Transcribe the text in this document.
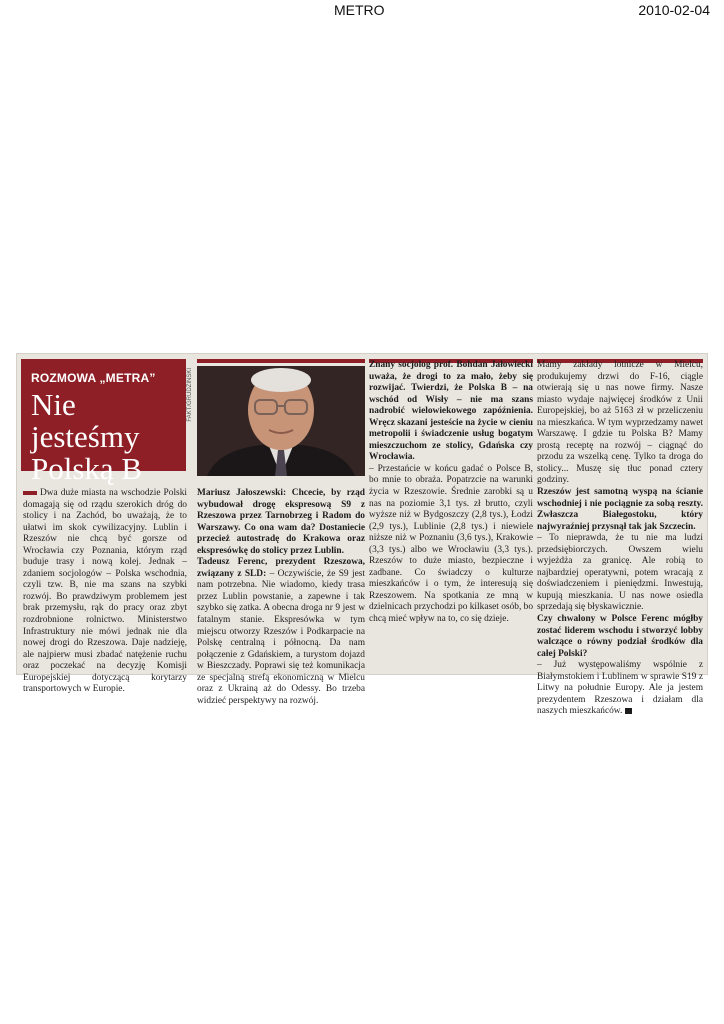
METRO	2010-02-04
ROZMOWA „METRA”
Nie jesteśmy
Polską B
FAKT/GRUDZIŃSKI

Dwa duże miasta na wschodzie Polski domagają się od rządu szerokich dróg do stolicy i na Zachód, bo uważają, że to ułatwi im skok cywilizacyjny. Lublin i Rzeszów nie chcą być gorsze od Wrocławia czy Poznania, którym rząd buduje trasy i nową kolej. Jednak – zdaniem socjologów – Polska wschodnia, czyli tzw. B, nie ma szans na szybki rozwój. Bo prawdziwym problemem jest brak przemysłu, rąk do pracy oraz zbyt rozdrobnione rolnictwo. Ministerstwo Infrastruktury nie mówi jednak nie dla nowej drogi do Rzeszowa. Daje nadzieję, ale najpierw musi zbadać natężenie ruchu oraz poczekać na decyzję Komisji Europejskiej dotyczącą korytarzy transportowych w Europie.

Mariusz Jałoszewski: Chcecie, by rząd wybudował drogę ekspresową S9 z Rzeszowa przez Tarnobrzeg i Radom do Warszawy. Co ona wam da? Dostaniecie przecież autostradę do Krakowa oraz ekspresówkę do stolicy przez Lublin.

Tadeusz Ferenc, prezydent Rzeszowa, związany z SLD: – Oczywiście, że S9 jest nam potrzebna. Nie wiadomo, kiedy trasa przez Lublin powstanie, a zapewne i tak szybko się zatka. A obecna droga nr 9 jest w fatalnym stanie. Ekspresówka w tym miejscu otworzy Rzeszów i Podkarpacie na Polskę centralną i północną. Da nam połączenie z Gdańskiem, a turystom dojazd w Bieszczady. Poprawi się też komunikacja ze specjalną strefą ekonomiczną w Mielcu oraz z Ukrainą aż do Odessy. Bo trzeba widzieć perspektywy na rozwój.

Znany socjolog prof. Bohdan Jałowiecki uważa, że drogi to za mało, żeby się rozwijać. Twierdzi, że Polska B – na wschód od Wisły – nie ma szans nadrobić wielowiekowego zapóźnienia. Wręcz skazani jesteście na życie w cieniu metropolii i świadczenie usług bogatym mieszczuchom ze stolicy, Gdańska czy Wrocławia.

– Przestańcie w końcu gadać o Polsce B, bo mnie to obraża. Popatrzcie na warunki życia w Rzeszowie. Średnie zarobki są u nas na poziomie 3,1 tys. zł brutto, czyli wyższe niż w Bydgoszczy (2,8 tys.), Łodzi (2,9 tys.), Lublinie (2,8 tys.) i niewiele niższe niż w Poznaniu (3,6 tys.), Krakowie (3,3 tys.) albo we Wrocławiu (3,3 tys.). Rzeszów to duże miasto, bezpieczne i zadbane. Co świadczy o kulturze mieszkańców i o tym, że interesują się Rzeszowem. Na spotkania ze mną w dzielnicach przychodzi po kilkaset osób, bo chcą mieć wpływ na to, co się dzieje.

Mamy zakłady lotnicze w Mielcu, produkujemy drzwi do F-16, ciągle otwierają się u nas nowe firmy. Nasze miasto wydaje najwięcej środków z Unii Europejskiej, bo aż 5163 zł w przeliczeniu na mieszkańca. W tym wyprzedzamy nawet Warszawę. I gdzie tu Polska B? Mamy prostą receptę na rozwój – ciągnąć do przodu za wszelką cenę. Tylko ta droga do stolicy... Muszę się tłuc ponad cztery godziny.

Rzeszów jest samotną wyspą na ścianie wschodniej i nie pociągnie za sobą reszty. Zwłaszcza Białegostoku, który najwyraźniej przysnął tak jak Szczecin.

– To nieprawda, że tu nie ma ludzi przedsiębiorczych. Owszem wielu wyjeżdża za granicę. Ale robią to najbardziej operatywni, potem wracają z doświadczeniem i pieniędzmi. Inwestują, kupują mieszkania. U nas nowe osiedla sprzedają się błyskawicznie.

Czy chwalony w Polsce Ferenc mógłby zostać liderem wschodu i stworzyć lobby walczące o równy podział środków dla całej Polski?

– Już występowaliśmy wspólnie z Białymstokiem i Lublinem w sprawie S19 z Litwy na południe Europy. Ale ja jestem prezydentem Rzeszowa i działam dla naszych mieszkańców.
